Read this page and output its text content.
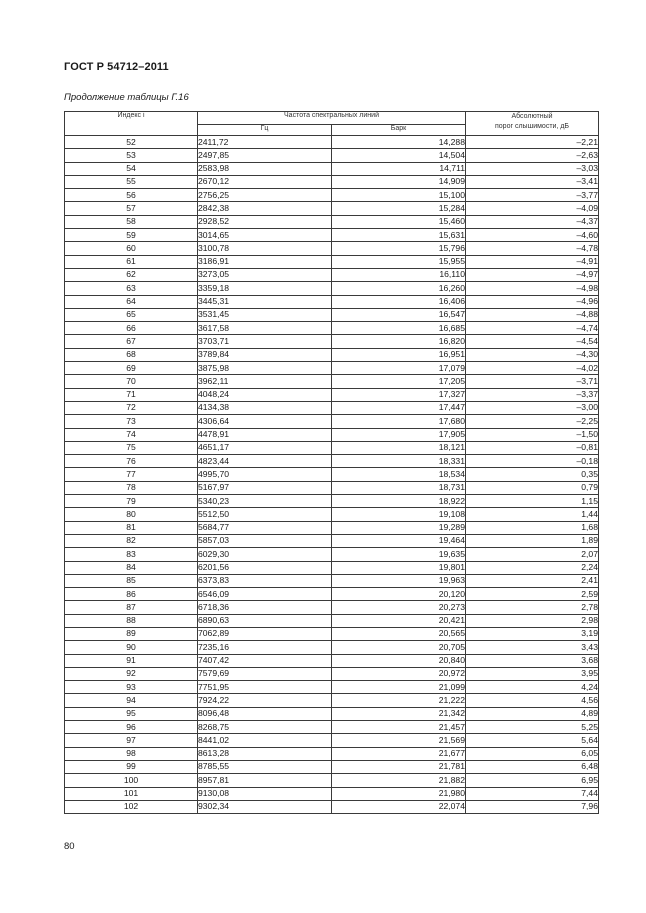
ГОСТ Р 54712–2011
Продолжение таблицы Г.16
Индекс i	Частота спектральных линий		Абсолютный
порог слышимости, дБ

	Гц	Барк	
52	2411,72	14,288	–2,21
53	2497,85	14,504	–2,63
54	2583,98	14,711	–3,03
55	2670,12	14,909	–3,41
56	2756,25	15,100	–3,77
57	2842,38	15,284	–4,09
58	2928,52	15,460	–4,37
59	3014,65	15,631	–4,60
60	3100,78	15,796	–4,78
61	3186,91	15,955	–4,91
62	3273,05	16,110	–4,97
63	3359,18	16,260	–4,98
64	3445,31	16,406	–4,96
65	3531,45	16,547	–4,88
66	3617,58	16,685	–4,74
67	3703,71	16,820	–4,54
68	3789,84	16,951	–4,30
69	3875,98	17,079	–4,02
70	3962,11	17,205	–3,71
71	4048,24	17,327	–3,37
72	4134,38	17,447	–3,00
73	4306,64	17,680	–2,25
74	4478,91	17,905	–1,50
75	4651,17	18,121	–0,81
76	4823,44	18,331	–0,18
77	4995,70	18,534	0,35
78	5167,97	18,731	0,79
79	5340,23	18,922	1,15
80	5512,50	19,108	1,44
81	5684,77	19,289	1,68
82	5857,03	19,464	1,89
83	6029,30	19,635	2,07
84	6201,56	19,801	2,24
85	6373,83	19,963	2,41
86	6546,09	20,120	2,59
87	6718,36	20,273	2,78
88	6890,63	20,421	2,98
89	7062,89	20,565	3,19
90	7235,16	20,705	3,43
91	7407,42	20,840	3,68
92	7579,69	20,972	3,95
93	7751,95	21,099	4,24
94	7924,22	21,222	4,56
95	8096,48	21,342	4,89
96	8268,75	21,457	5,25
97	8441,02	21,569	5,64
98	8613,28	21,677	6,05
99	8785,55	21,781	6,48
100	8957,81	21,882	6,95
101	9130,08	21,980	7,44
102	9302,34	22,074	7,96
80
